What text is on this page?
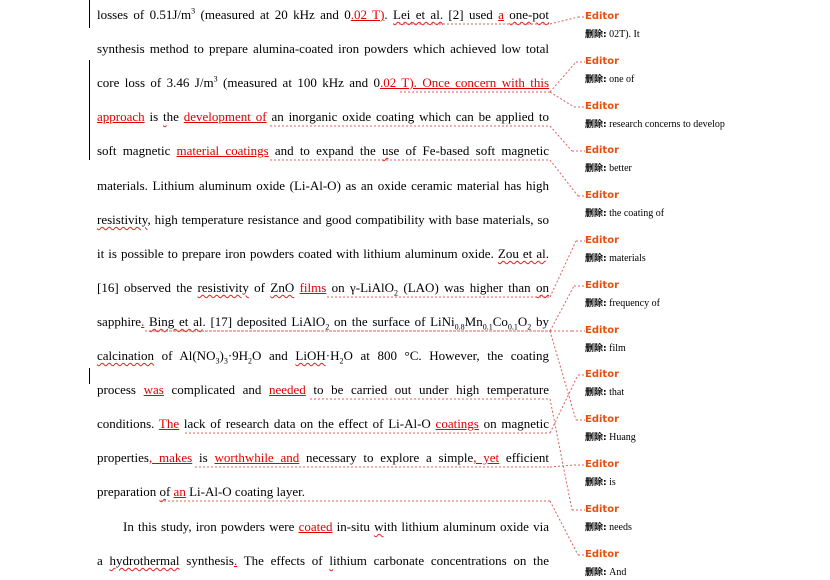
losses of $0.51J/m^3$ (measured at 20 kHz and 0.02 T). Lei et al. [2] used a one-pot
synthesis method to prepare alumina-coated iron powders which achieved low total
core loss of 3.46 $J/m^3$ (measured at 100 kHz and 0.02 T). Once concern with this
approach is the development of an inorganic oxide coating which can be applied to
soft magnetic material coatings and to expand the use of Fe-based soft magnetic
materials. Lithium aluminum oxide (Li-Al-O) as an oxide ceramic material has high
resistivity, high temperature resistance and good compatibility with base materials, so
it is possible to prepare iron powders coated with lithium aluminum oxide. Zou et al.
[16] observed the resistivity of ZnO films on γ-LiAlO$_2$ (LAO) was higher than on
sapphire. Bing et al. [17] deposited LiAlO$_2$ on the surface of $LiNi_{0.8}Mn_{0.1}Co_{0.1}O_2$ by
calcination of $Al(NO_3)_3\cdot 9H_2O$ and $LiOH\cdot H_2O$ at 800 °C. However, the coating
process was complicated and needed to be carried out under high temperature
conditions. The lack of research data on the effect of Li-Al-O coatings on magnetic
properties, makes is worthwhile and necessary to explore a simple, yet efficient
preparation of an Li-Al-O coating layer.
In this study, iron powders were coated in-situ with lithium aluminum oxide via
a hydrothermal synthesis. The effects of lithium carbonate concentrations on the
Editor
删除: 02T). It
Editor
删除: one of
Editor
删除: research concerns to develop
Editor
删除: better
Editor
删除: the coating of
Editor
删除: materials
Editor
删除: frequency of
Editor
删除: film
Editor
删除: that
Editor
删除: Huang
Editor
删除: is
Editor
删除: needs
Editor
删除: And
